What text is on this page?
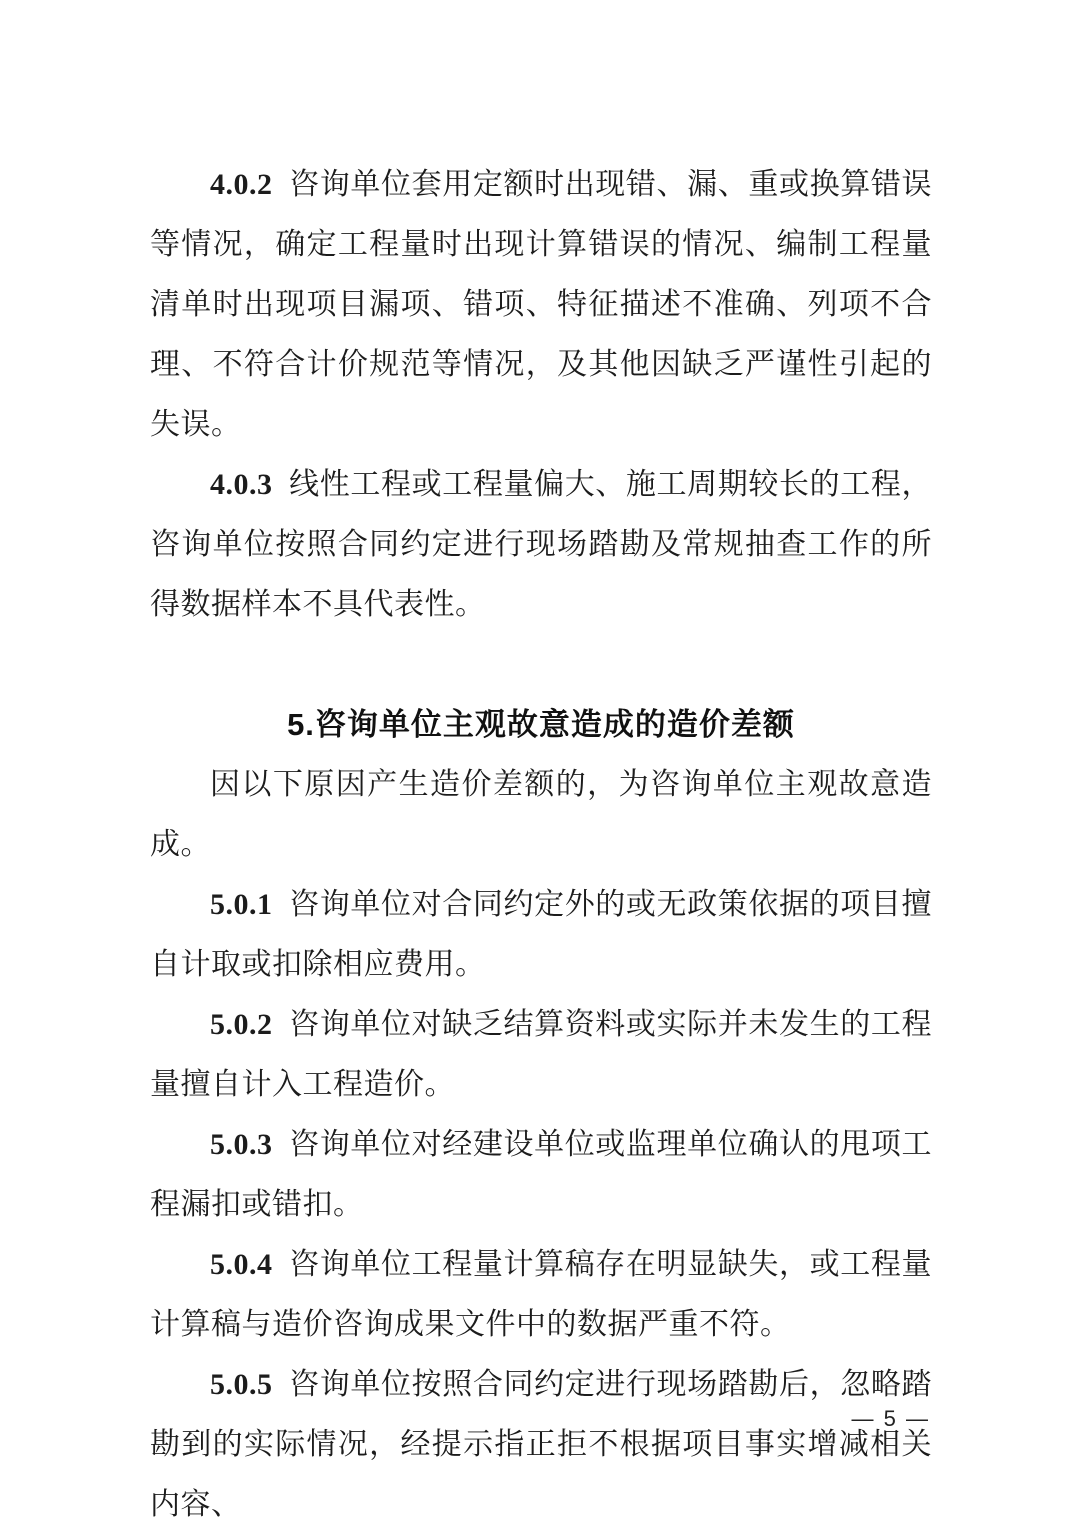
4.0.2 咨询单位套用定额时出现错、漏、重或换算错误等情况，确定工程量时出现计算错误的情况、编制工程量清单时出现项目漏项、错项、特征描述不准确、列项不合理、不符合计价规范等情况，及其他因缺乏严谨性引起的失误。

4.0.3 线性工程或工程量偏大、施工周期较长的工程，咨询单位按照合同约定进行现场踏勘及常规抽查工作的所得数据样本不具代表性。

5.咨询单位主观故意造成的造价差额

因以下原因产生造价差额的，为咨询单位主观故意造成。

5.0.1 咨询单位对合同约定外的或无政策依据的项目擅自计取或扣除相应费用。

5.0.2 咨询单位对缺乏结算资料或实际并未发生的工程量擅自计入工程造价。

5.0.3 咨询单位对经建设单位或监理单位确认的甩项工程漏扣或错扣。

5.0.4 咨询单位工程量计算稿存在明显缺失，或工程量计算稿与造价咨询成果文件中的数据严重不符。

5.0.5 咨询单位按照合同约定进行现场踏勘后，忽略踏勘到的实际情况，经提示指正拒不根据项目事实增减相关内容、

— 5 —
